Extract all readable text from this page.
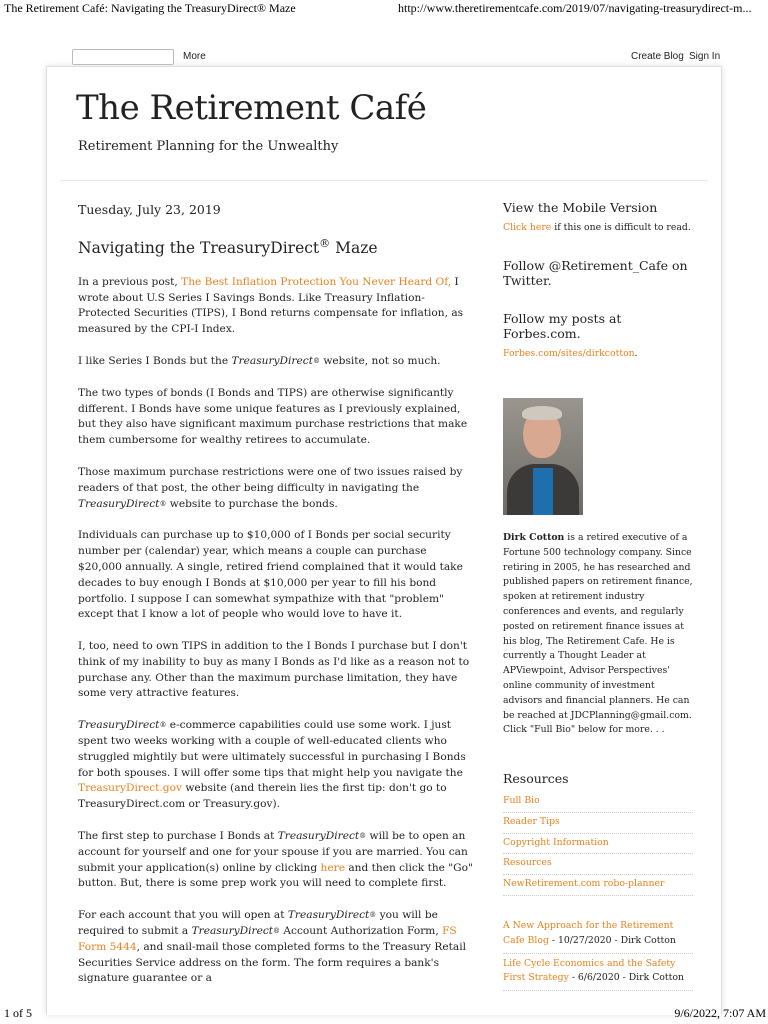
The Retirement Café: Navigating the TreasuryDirect® Maze	http://www.theretirementcafe.com/2019/07/navigating-treasurydirect-m...
More	Create Blog Sign In
The Retirement Café
Retirement Planning for the Unwealthy
Tuesday, July 23, 2019
Navigating the TreasuryDirect® Maze

In a previous post, The Best Inflation Protection You Never Heard Of, I wrote about U.S Series I Savings Bonds. Like Treasury Inflation-Protected Securities (TIPS), I Bond returns compensate for inflation, as measured by the CPI-I Index.

I like Series I Bonds but the TreasuryDirect® website, not so much.

The two types of bonds (I Bonds and TIPS) are otherwise significantly different. I Bonds have some unique features as I previously explained, but they also have significant maximum purchase restrictions that make them cumbersome for wealthy retirees to accumulate.

Those maximum purchase restrictions were one of two issues raised by readers of that post, the other being difficulty in navigating the TreasuryDirect® website to purchase the bonds.

Individuals can purchase up to $10,000 of I Bonds per social security number per (calendar) year, which means a couple can purchase $20,000 annually. A single, retired friend complained that it would take decades to buy enough I Bonds at $10,000 per year to fill his bond portfolio. I suppose I can somewhat sympathize with that "problem" except that I know a lot of people who would love to have it.

I, too, need to own TIPS in addition to the I Bonds I purchase but I don't think of my inability to buy as many I Bonds as I'd like as a reason not to purchase any. Other than the maximum purchase limitation, they have some very attractive features.

TreasuryDirect® e-commerce capabilities could use some work. I just spent two weeks working with a couple of well-educated clients who struggled mightily but were ultimately successful in purchasing I Bonds for both spouses. I will offer some tips that might help you navigate the TreasuryDirect.gov website (and therein lies the first tip: don't go to TreasuryDirect.com or Treasury.gov).

The first step to purchase I Bonds at TreasuryDirect® will be to open an account for yourself and one for your spouse if you are married. You can submit your application(s) online by clicking here and then click the "Go" button. But, there is some prep work you will need to complete first.

For each account that you will open at TreasuryDirect® you will be required to submit a TreasuryDirect® Account Authorization Form, FS Form 5444, and snail-mail those completed forms to the Treasury Retail Securities Service address on the form. The form requires a bank's signature guarantee or a

View the Mobile Version
Click here if this one is difficult to read.
Follow @Retirement_Cafe on Twitter.
Follow my posts at Forbes.com.
Forbes.com/sites/dirkcotton.
Dirk Cotton is a retired executive of a Fortune 500 technology company. Since retiring in 2005, he has researched and published papers on retirement finance, spoken at retirement industry conferences and events, and regularly posted on retirement finance issues at his blog, The Retirement Cafe. He is currently a Thought Leader at APViewpoint, Advisor Perspectives' online community of investment advisors and financial planners. He can be reached at JDCPlanning@gmail.com. Click "Full Bio" below for more. . .
Resources
Full Bio
Reader Tips
Copyright Information
Resources
NewRetirement.com robo-planner
A New Approach for the Retirement Cafe Blog - 10/27/2020 - Dirk Cotton
Life Cycle Economics and the Safety First Strategy - 6/6/2020 - Dirk Cotton
1 of 5	9/6/2022, 7:07 AM
